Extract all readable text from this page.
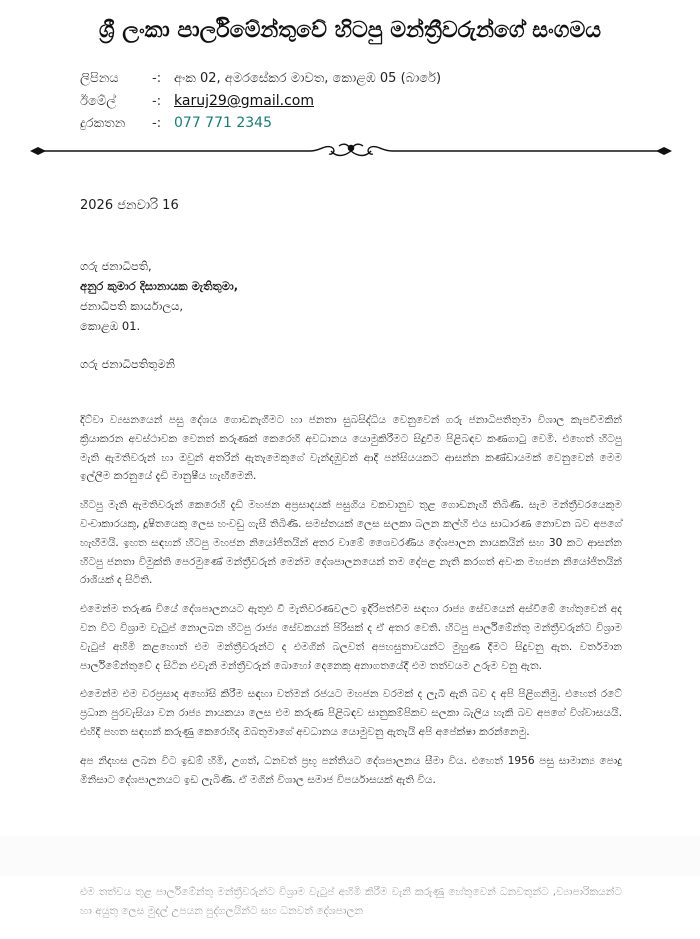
ශ්‍රී ලංකා පාර්ලිමේන්තුවේ හිටපු මන්ත්‍රීවරුන්ගේ සංගමය
ලිපිනය	-: අංක 02, අමරසේකර මාවත, කොළඹ 05 (බාරේ)
ඊමේල්	-: karuj29@gmail.com
දුරකතන	-: 077 771 2345
2026 ජනවාරි 16
ගරු ජනාධිපති,
අනුර කුමාර දිසානායක මැතිතුමා,
ජනාධිපති කාර්යාලය,
කොළඹ 01.
ගරු ජනාධිපතිතුමනි

දිට්වා ව්‍යසනයෙන් පසු දේශය ගොඩනැගීමට හා ජනතා සුබසිද්ධිය වෙනුවෙන් ගරු ජනාධිපතිතුමා විශාල කැපවීමකින් ක්‍රියාකරන අවස්ථාවක වෙනත් කරුණක් කෙරෙහි අවධානය යොමුකිරීමට සිදුවීම පිළිබඳව කණගාටු වෙමි. එහෙත් හිටපු මැති ඇමතිවරුන් හා ඔවුන් අතරින් ඇතැමෙකුගේ වැන්දඹුවන් ආදී පන්සියයකට ආසන්න කණ්ඩායමක් වෙනුවෙන් මෙම ඉල්ලීම කරනුයේ දැඩි මානුෂීය හැඟීමෙනි.

හිටපු මැති ඇමතිවරුන් කෙරෙහි දැඩි මහජන අප්‍රසාදයක් පසුගිය වකවානුව තුළ ගොඩනැඟී තිබිණි. සැම මන්ත්‍රීවරයෙකුම වංචාකාරයකු, දූෂිතයෙකු ලෙස හංවඩු ගැසී තිබිණි. සමස්තයක් ලෙස සලකා බලන කල්හි එය සාධාරණ නොවන බව අපගේ හැඟීමයි. ඉහත සඳහන් හිටපු මහජන නියෝජිතයින් අතර වාමේ ශෛවරණීය දේශපාලන නායකයින් සහ 30 කට ආසන්න හිටපු ජනතා විමුක්ති පෙරමුණේ මන්ත්‍රීවරුන් මෙන්ම දේශපාලනයෙන් තම දේපළ නැති කරගත් අවංක මහජන නියෝජිතයින් රාශියක් ද සිටිති.

එමෙන්ම තරුණ වියේ දේශපාලනයට ඇතුළු වී මැතිවරණවලට ඉදිරිපත්වීම සඳහා රාජ්‍ය සේවයෙන් අස්වීමේ හේතුවෙන් අද වන විට විශ්‍රාම වැටුප් නොලබන හිටපු රාජ්‍ය සේවකයන් පිරිසක් ද ඒ අතර වෙති. හිටපු පාර්ලිමේන්තු මන්ත්‍රීවරුන්ට විශ්‍රාම වැටුප් අහිමි කළහොත් එම මන්ත්‍රීවරුන්ට ද එමගින් බලවත් අපහසුතාවයන්ට මුහුණ දීමට සිදුවනු ඇත. වර්තමාන පාර්ලිමේන්තුවේ ද සිටින එවැනි මන්ත්‍රීවරුන් බොහෝ දෙනෙකු අනාගතයේදී එම තත්වයම උරුම වනු ඇත.

එමෙන්ම එම වරප්‍රසාද අහෝසි කිරීම සඳහා වත්මන් රජයට මහජන වරමක් ද ලැබී ඇති බව ද අපි පිළිගනිමු. එහෙත් රටේ ප්‍රධාන පුරවැසියා වන රාජ්‍ය නායකයා ලෙස එම කරුණ පිළිබඳව සානුකම්පිකව සලකා බැලිය හැකි බව අපගේ විශ්වාසයයි. එහිදී පහත සඳහන් කරුණු කෙරෙහිද ඔබතුමාගේ අවධානය යොමුවනු ඇතැයි අපි අපේක්ෂා කරන්නෙමු.

අප නිදහස ලබන විට ඉඩම් හිමි, උගත්, ධනවත් ප්‍රභූ පන්තියට දේශපාලනය සීමා විය. එහෙත් 1956 පසු සාමාන්‍ය පොදු මිනිසාට දේශපාලනයට ඉඩ ලැබිණි. ඒ මගින් විශාල සමාජ විපර්යාසයක් ඇති විය.

එම තත්වය තුළ පාර්ලිමේන්තු මන්ත්‍රීවරුන්ට විශ්‍රාම වැටුප් අහිමි කිරීම වැනි කරුණු හේතුවෙන් ධනවතුන්ට ,ව්‍යාපාරිකයන්ට හා අයුතු ලෙස මුදල් උපයන පුද්ගලයින්ට සහ ධනවත් දේශපාලන
